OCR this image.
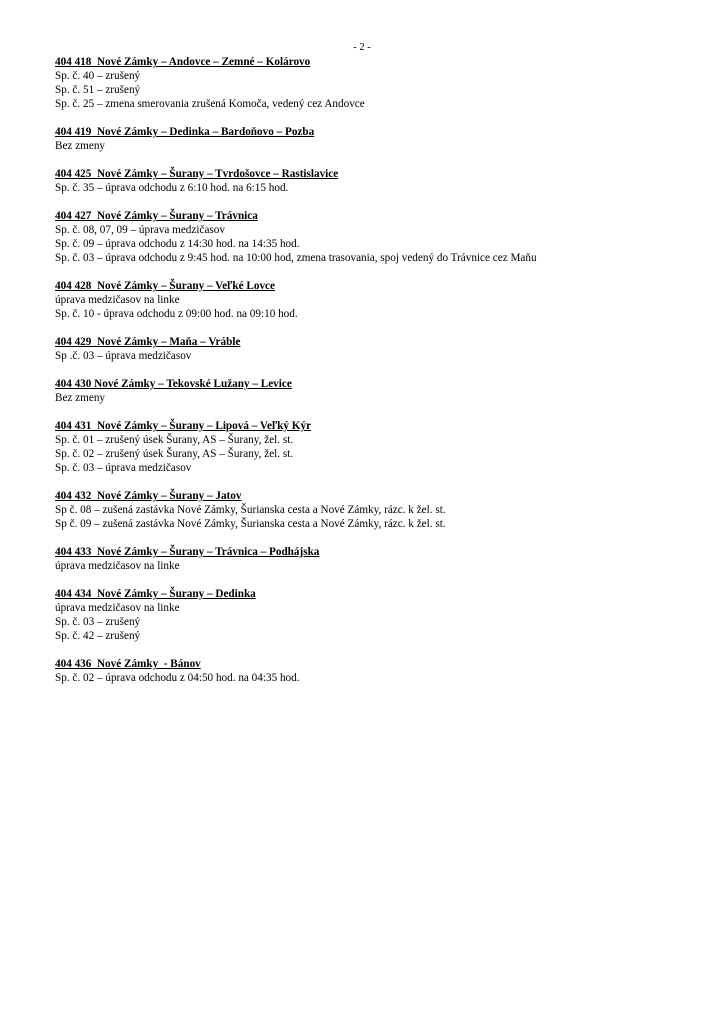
- 2 -
404 418  Nové Zámky – Andovce – Zemné – Kolárovo
Sp. č. 40 – zrušený
Sp. č. 51 – zrušený
Sp. č. 25 – zmena smerovania zrušená Komoča, vedený cez Andovce
404 419  Nové Zámky – Dedinka – Bardoňovo – Pozba
Bez zmeny
404 425  Nové Zámky – Šurany – Tvrdošovce – Rastislavice
Sp. č. 35 – úprava odchodu z 6:10 hod. na 6:15 hod.
404 427  Nové Zámky – Šurany – Trávnica
Sp. č. 08, 07, 09 – úprava medzičasov
Sp. č. 09 – úprava odchodu z 14:30 hod. na 14:35 hod.
Sp. č. 03 – úprava odchodu z 9:45 hod. na 10:00 hod, zmena trasovania, spoj vedený do Trávnice cez Maňu
404 428  Nové Zámky – Šurany – Veľké Lovce
úprava medzičasov na linke
Sp. č. 10 - úprava odchodu z 09:00 hod. na 09:10 hod.
404 429  Nové Zámky – Maňa – Vráble
Sp .č. 03 – úprava medzičasov
404 430 Nové Zámky – Tekovské Lužany – Levice
Bez zmeny
404 431  Nové Zámky – Šurany – Lipová – Veľký Kýr
Sp. č. 01 – zrušený úsek Šurany, AS – Šurany, žel. st.
Sp. č. 02 – zrušený úsek Šurany, AS – Šurany, žel. st.
Sp. č. 03 – úprava medzičasov
404 432  Nové Zámky – Šurany – Jatov
Sp č. 08 – zušená zastávka Nové Zámky, Šurianska cesta a Nové Zámky, rázc. k žel. st.
Sp č. 09 – zušená zastávka Nové Zámky, Šurianska cesta a Nové Zámky, rázc. k žel. st.
404 433  Nové Zámky – Šurany – Trávnica – Podhájska
úprava medzičasov na linke
404 434  Nové Zámky – Šurany – Dedinka
úprava medzičasov na linke
Sp. č. 03 – zrušený
Sp. č. 42 – zrušený
404 436  Nové Zámky  - Bánov
Sp. č. 02 – úprava odchodu z 04:50 hod. na 04:35 hod.
